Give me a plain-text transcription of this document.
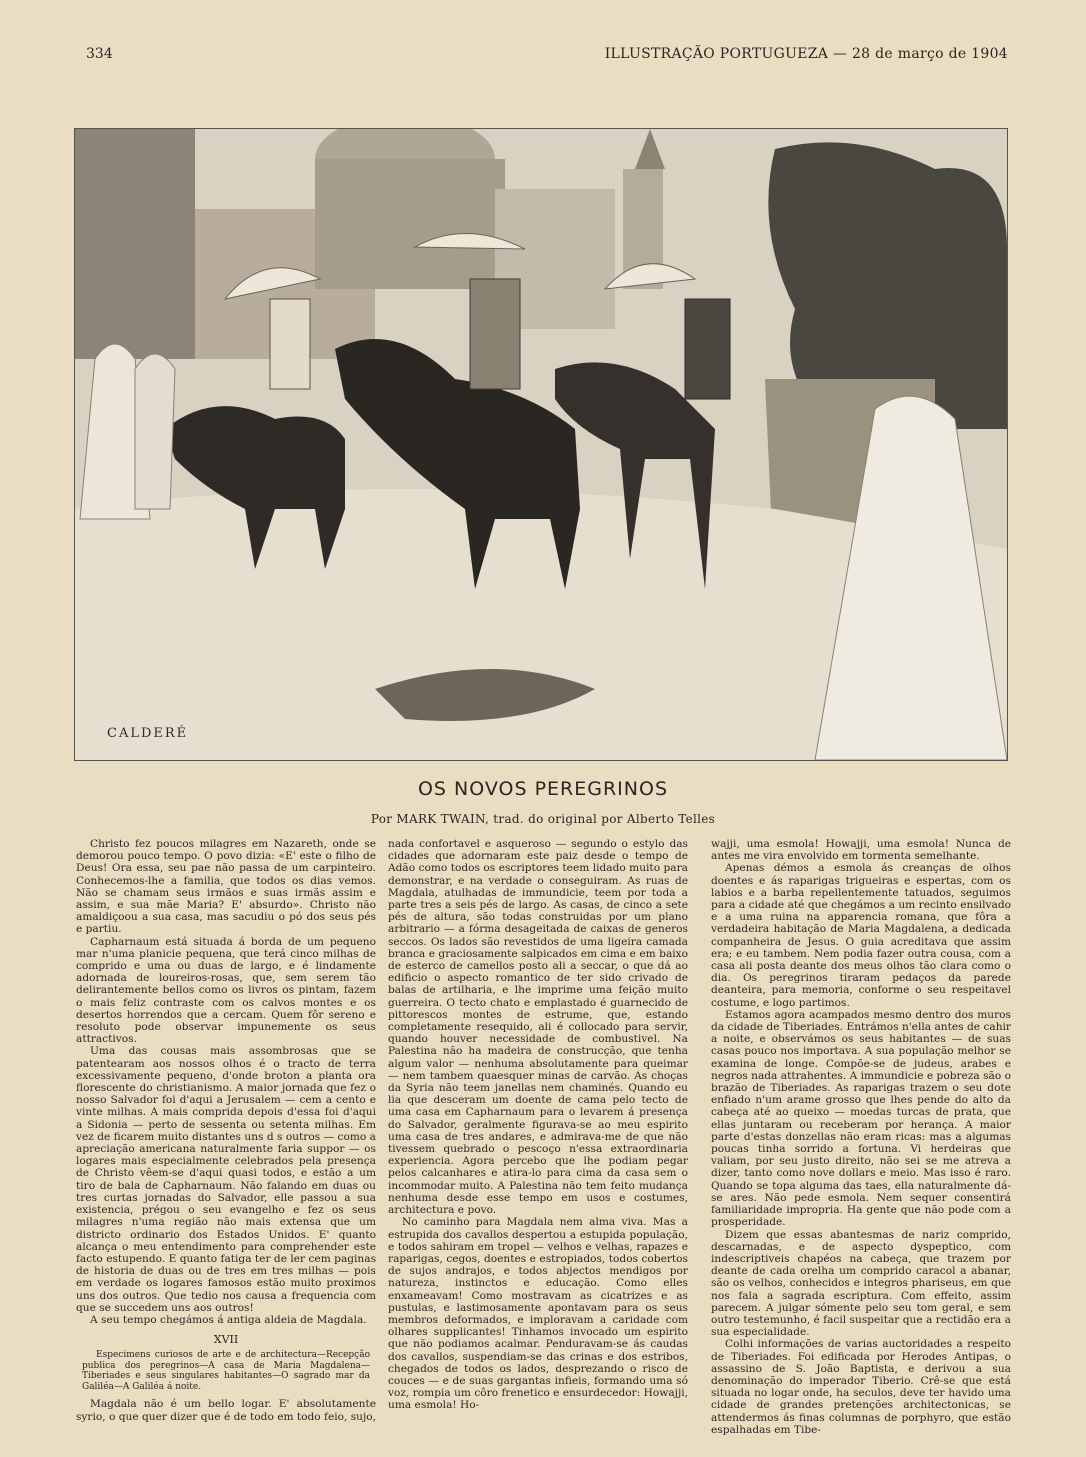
334	ILLUSTRAÇÃO PORTUGUEZA — 28 de março de 1904
CALDERÉ
OS NOVOS PEREGRINOS
Por MARK TWAIN, trad. do original por Alberto Telles

Christo fez poucos milagres em Nazareth, onde se demorou pouco tempo. O povo dizia: «E' este o filho de Deus! Ora essa, seu pae não passa de um carpinteiro. Conhecemos-lhe a familia, que todos os dias vemos. Não se chamam seus irmãos e suas irmãs assim e assim, e sua mãe Maria? E' absurdo». Christo não amaldiçoou a sua casa, mas sacudiu o pó dos seus pés e partiu.

Capharnaum está situada á borda de um pequeno mar n'uma planicie pequena, que terá cinco milhas de comprido e uma ou duas de largo, e é lindamente adornada de loureiros-rosas, que, sem serem tão delirantemente bellos como os livros os pintam, fazem o mais feliz contraste com os calvos montes e os desertos horrendos que a cercam. Quem fôr sereno e resoluto pode observar impunemente os seus attractivos.

Uma das cousas mais assombrosas que se patentearam aos nossos olhos é o tracto de terra excessivamente pequeno, d'onde broton a planta ora florescente do christianismo. A maior jornada que fez o nosso Salvador foi d'aqui a Jerusalem — cem a cento e vinte milhas. A mais comprida depois d'essa foi d'aqui a Sidonia — perto de sessenta ou setenta milhas. Em vez de ficarem muito distantes uns d s outros — como a apreciação americana naturalmente faria suppor — os logares mais especialmente celebrados pela presença de Christo vêem-se d'aqui quasi todos, e estão a um tiro de bala de Capharnaum. Não falando em duas ou tres curtas jornadas do Salvador, elle passou a sua existencia, prégou o seu evangelho e fez os seus milagres n'uma região não mais extensa que um districto ordinario dos Estados Unidos. E' quanto alcança o meu entendimento para comprehender este facto estupendo. E quanto fatiga ter de ler cem paginas de historia de duas ou de tres em tres milhas — pois em verdade os logares famosos estão muito proximos uns dos outros. Que tedio nos causa a frequencia com que se succedem uns aos outros!

A seu tempo chegámos á antiga aldeia de Magdala.

XVII

Especimens curiosos de arte e de architectura—Recepção publica dos peregrinos—A casa de Maria Magdalena—Tiberiades e seus singulares habitantes—O sagrado mar da Galiléa—A Galiléa á noite.

Magdala não é um bello logar. E' absolutamente syrio, o que quer dizer que é de todo em todo feio, sujo,

nada confortavel e asqueroso — segundo o estylo das cidades que adornaram este paiz desde o tempo de Adão como todos os escriptores teem lidado muito para demonstrar, e na verdade o conseguiram. As ruas de Magdala, atulhadas de immundicie, teem por toda a parte tres a seis pés de largo. As casas, de cinco a sete pés de altura, são todas construidas por um plano arbitrario — a fórma desageitada de caixas de generos seccos. Os lados são revestidos de uma ligeira camada branca e graciosamente salpicados em cima e em baixo de esterco de camellos posto ali a seccar, o que dá ao edificio o aspecto romantico de ter sido crivado de balas de artilharia, e lhe imprime uma feição muito guerreira. O tecto chato e emplastado é guarnecido de pittorescos montes de estrume, que, estando completamente resequido, ali é collocado para servir, quando houver necessidade de combustivel. Na Palestina não ha madeira de construcção, que tenha algum valor — nenhuma absolutamente para queimar — nem tambem quaesquer minas de carvão. As choças da Syria não teem janellas nem chaminés. Quando eu lia que desceram um doente de cama pelo tecto de uma casa em Capharnaum para o levarem á presença do Salvador, geralmente figurava-se ao meu espirito uma casa de tres andares, e admirava-me de que não tivessem quebrado o pescoço n'essa extraordinaria experiencia. Agora percebo que lhe podiam pegar pelos calcanhares e atira-lo para cima da casa sem o incommodar muito. A Palestina não tem feito mudança nenhuma desde esse tempo em usos e costumes, architectura e povo.

No caminho para Magdala nem alma viva. Mas a estrupida dos cavallos despertou a estupida população, e todos sahiram em tropel — velhos e velhas, rapazes e raparigas, cegos, doentes e estropiados, todos cobertos de sujos andrajos, e todos abjectos mendigos por natureza, instinctos e educação. Como elles enxameavam! Como mostravam as cicatrizes e as pustulas, e lastimosamente apontavam para os seus membros deformados, e imploravam a caridade com olhares supplicantes! Tinhamos invocado um espirito que não podiamos acalmar. Penduravam-se ás caudas dos cavallos, suspendiam-se das crinas e dos estribos, chegados de todos os lados, desprezando o risco de couces — e de suas gargantas infieis, formando uma só voz, rompia um côro frenetico e ensurdecedor: Howajji, uma esmola! Ho-

wajji, uma esmola! Howajji, uma esmola! Nunca de antes me vira envolvido em tormenta semelhante.

Apenas démos a esmola ás creanças de olhos doentes e ás raparigas trigueiras e espertas, com os labios e a barba repellentemente tatuados, seguimos para a cidade até que chegámos a um recinto ensilvado e a uma ruina na apparencia romana, que fôra a verdadeira habitação de Maria Magdalena, a dedicada companheira de Jesus. O guia acreditava que assim era; e eu tambem. Nem podia fazer outra cousa, com a casa ali posta deante dos meus olhos tão clara como o dia. Os peregrinos tiraram pedaços da parede deanteira, para memoria, conforme o seu respeitavel costume, e logo partimos.

Estamos agora acampados mesmo dentro dos muros da cidade de Tiberiades. Entrámos n'ella antes de cahir a noite, e observámos os seus habitantes — de suas casas pouco nos importava. A sua população melhor se examina de longe. Compõe-se de judeus, arabes e negros nada attrahentes. A immundicie e pobreza são o brazão de Tiberiades. As raparigas trazem o seu dote enfiado n'um arame grosso que lhes pende do alto da cabeça até ao queixo — moedas turcas de prata, que ellas juntaram ou receberam por herança. A maior parte d'estas donzellas não eram ricas: mas a algumas poucas tinha sorrido a fortuna. Vi herdeiras que valiam, por seu justo direito, não sei se me atreva a dizer, tanto como nove dollars e meio. Mas isso é raro. Quando se topa alguma das taes, ella naturalmente dá-se ares. Não pede esmola. Nem sequer consentirá familiaridade impropria. Ha gente que não pode com a prosperidade.

Dizem que essas abantesmas de nariz comprido, descarnadas, e de aspecto dyspeptico, com indescriptiveis chapéos na cabeça, que trazem por deante de cada orelha um comprido caracol a abanar, são os velhos, conhecidos e integros phariseus, em que nos fala a sagrada escriptura. Com effeito, assim parecem. A julgar sómente pelo seu tom geral, e sem outro testemunho, é facil suspeitar que a rectidão era a sua especialidade.

Colhi informações de varias auctoridades a respeito de Tiberiades. Foi edificada por Herodes Antipas, o assassino de S. João Baptista, e derivou a sua denominação do imperador Tiberio. Crê-se que está situada no logar onde, ha seculos, deve ter havido uma cidade de grandes pretenções architectonicas, se attendermos ás finas columnas de porphyro, que estão espalhadas em Tibe-
